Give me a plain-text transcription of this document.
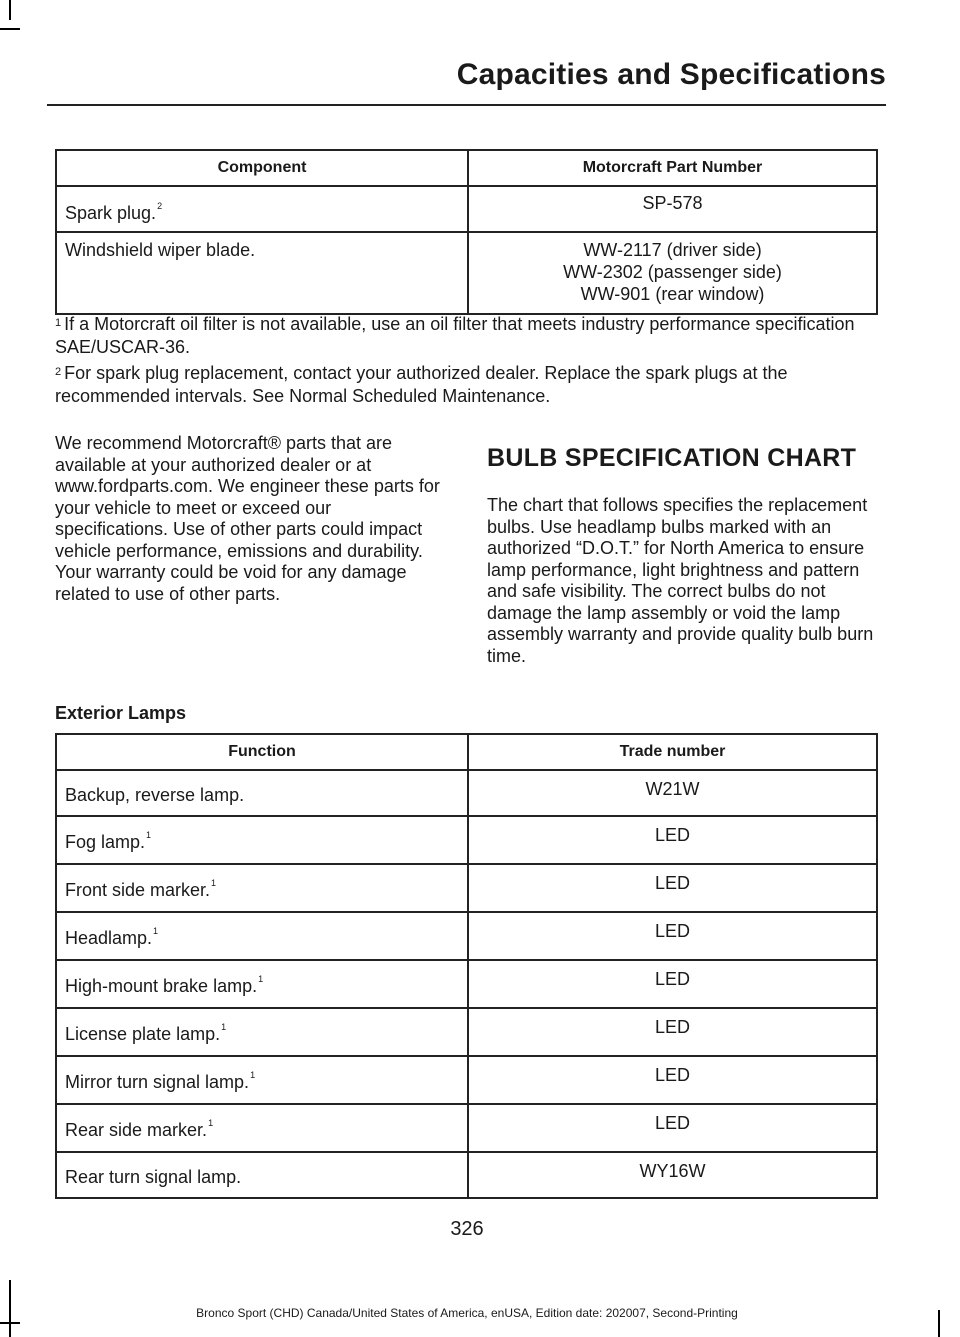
Capacities and Specifications
Component	Motorcraft Part Number
Spark plug.$^2$	SP-578
Windshield wiper blade.	WW-2117 (driver side)
WW-2302 (passenger side)
WW-901 (rear window)

$^1$ If a Motorcraft oil filter is not available, use an oil filter that meets industry performance specification SAE/USCAR-36.

$^2$ For spark plug replacement, contact your authorized dealer. Replace the spark plugs at the recommended intervals. See Normal Scheduled Maintenance.

We recommend Motorcraft® parts that are available at your authorized dealer or at www.fordparts.com. We engineer these parts for your vehicle to meet or exceed our specifications. Use of other parts could impact vehicle performance, emissions and durability. Your warranty could be void for any damage related to use of other parts.
BULB SPECIFICATION CHART

The chart that follows specifies the replacement bulbs. Use headlamp bulbs marked with an authorized “D.O.T.” for North America to ensure lamp performance, light brightness and pattern and safe visibility. The correct bulbs do not damage the lamp assembly or void the lamp assembly warranty and provide quality bulb burn time.

Exterior Lamps
Function	Trade number
Backup, reverse lamp.	W21W
Fog lamp.$^1$	LED
Front side marker.$^1$	LED
Headlamp.$^1$	LED
High-mount brake lamp.$^1$	LED
License plate lamp.$^1$	LED
Mirror turn signal lamp.$^1$	LED
Rear side marker.$^1$	LED
Rear turn signal lamp.	WY16W
326
Bronco Sport (CHD) Canada/United States of America, enUSA, Edition date: 202007, Second-Printing
